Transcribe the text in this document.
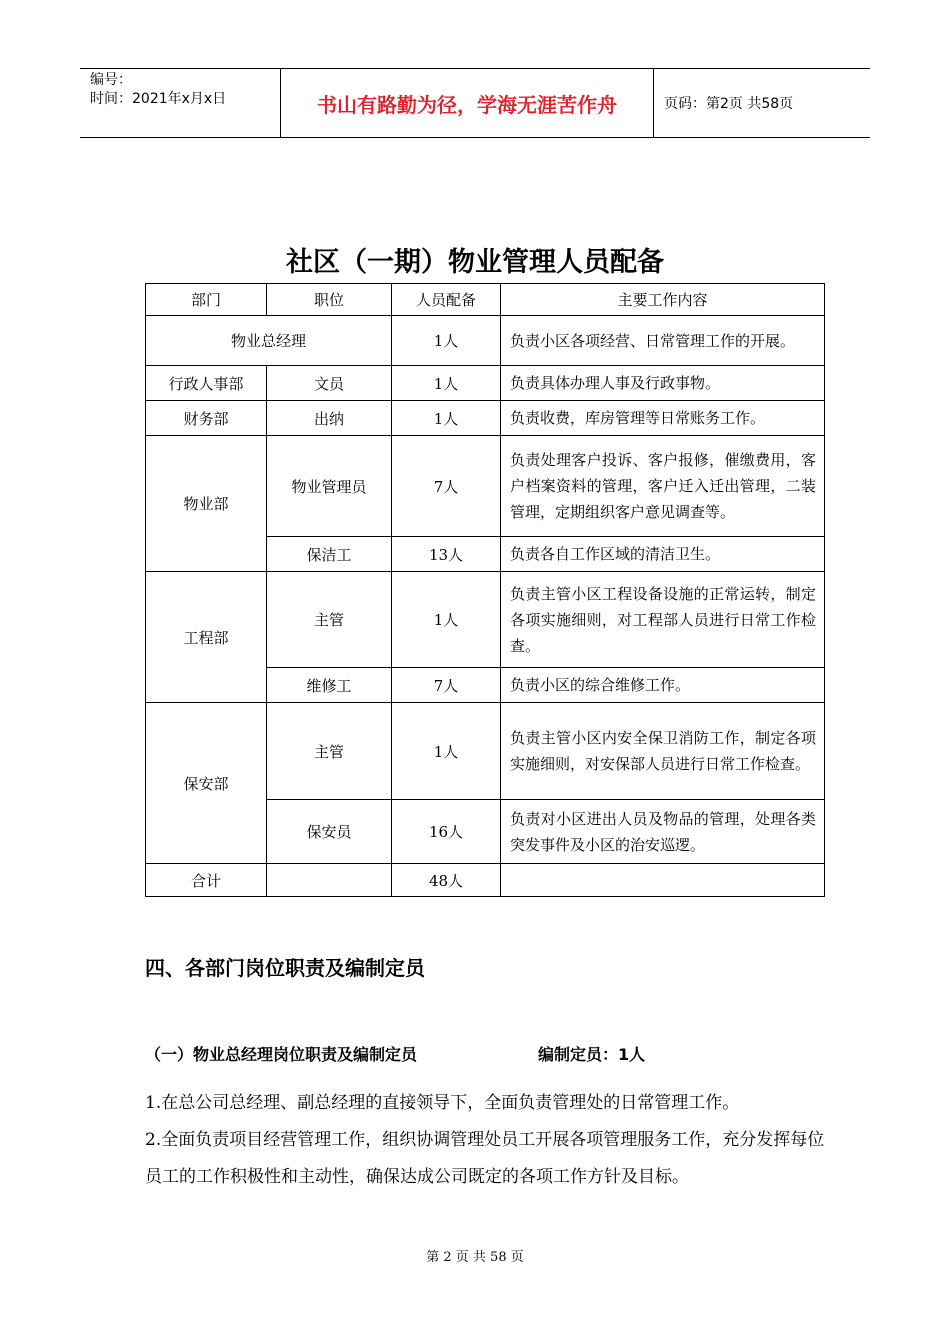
编号：
时间：2021年x月x日	书山有路勤为径，学海无涯苦作舟	页码：第2页 共58页
社区（一期）物业管理人员配备
部门	职位	人员配备	主要工作内容
物业总经理		1人	负责小区各项经营、日常管理工作的开展。
行政人事部	文员	1人	负责具体办理人事及行政事物。
财务部	出纳	1人	负责收费，库房管理等日常账务工作。
物业部	物业管理员	7人	负责处理客户投诉、客户报修，催缴费用，客户档案资料的管理，客户迁入迁出管理，二装管理，定期组织客户意见调查等。
	保洁工	13人	负责各自工作区域的清洁卫生。
工程部	主管	1人	负责主管小区工程设备设施的正常运转，制定各项实施细则，对工程部人员进行日常工作检查。
	维修工	7人	负责小区的综合维修工作。
保安部	主管	1人	负责主管小区内安全保卫消防工作，制定各项实施细则，对安保部人员进行日常工作检查。
	保安员	16人	负责对小区进出人员及物品的管理，处理各类突发事件及小区的治安巡逻。
合计		48人	
四、各部门岗位职责及编制定员
（一）物业总经理岗位职责及编制定员	编制定员：1人
1.在总公司总经理、副总经理的直接领导下，全面负责管理处的日常管理工作。
2.全面负责项目经营管理工作，组织协调管理处员工开展各项管理服务工作，充分发挥每位员工的工作积极性和主动性，确保达成公司既定的各项工作方针及目标。
第 2 页 共 58 页
